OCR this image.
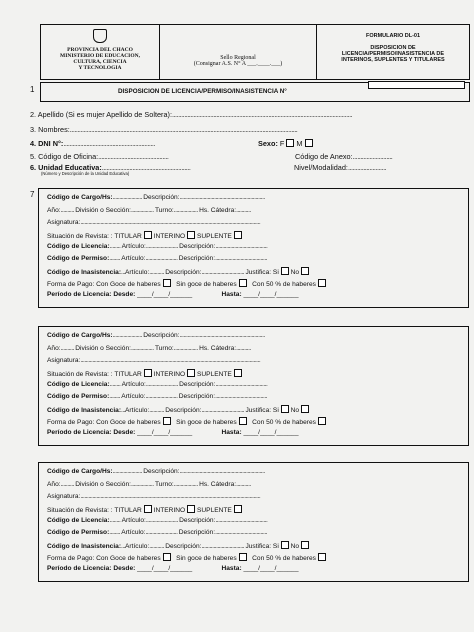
PROVINCIA DEL CHACO
MINISTERIO DE EDUCACION,
CULTURA, CIENCIA
Y TECNOLOGIA
Sello Regional
(Consignar A.S. N° A ___.____.___)
FORMULARIO DL-01
DISPOSICION DE
LICENCIA/PERMISO/INASISTENCIA DE
INTERINOS, SUPLENTES Y TITULARES
1	DISPOSICION DE LICENCIA/PERMISO/INASISTENCIA N°
2. Apellido (Si es mujer Apellido de Soltera):......................................................................................................................
3. Nombres:.....................................................................................................................................................
4. DNI N°:............................................................	Sexo: F M
5. Código de Oficina:..............................................	Código de Anexo:..........................
6. Unidad Educativa:..........................................................	Nivel/Modalidad:.........................
(Número y Descripción de la Unidad Educativa)
7 Código de Cargo/Hs:...................... Descripción:................................................................
Año:.......... División o Sección:................. Turno:.................. Hs. Cátedra:...........
Asignatura:.......................................................................................................................................
Situación de Revista: : TITULAR INTERINO SUPLENTE
Código de Licencia:........ Artículo:........................ Descripción:.......................................
Código de Permiso:........ Artículo:........................ Descripción:.......................................
Código de Inasistencia:...Artículo:........... Descripción:................................ Justifica: Si No
Forma de Pago: Con Goce de haberes Sin goce de haberes Con 50 % de haberes
Período de Licencia: Desde: ____/____/______	Hasta: ____/____/______
Código de Cargo/Hs:...................... Descripción:................................................................
Año:.......... División o Sección:................. Turno:.................. Hs. Cátedra:...........
Asignatura:.......................................................................................................................................
Situación de Revista: : TITULAR INTERINO SUPLENTE
Código de Licencia:........ Artículo:........................ Descripción:.......................................
Código de Permiso:........ Artículo:........................ Descripción:.......................................
Código de Inasistencia:...Artículo:........... Descripción:................................ Justifica: Si No
Forma de Pago: Con Goce de haberes Sin goce de haberes Con 50 % de haberes
Período de Licencia: Desde: ____/____/______	Hasta: ____/____/______
Código de Cargo/Hs:...................... Descripción:................................................................
Año:.......... División o Sección:................. Turno:.................. Hs. Cátedra:...........
Asignatura:.......................................................................................................................................
Situación de Revista: : TITULAR INTERINO SUPLENTE
Código de Licencia:........ Artículo:........................ Descripción:.......................................
Código de Permiso:........ Artículo:........................ Descripción:.......................................
Código de Inasistencia:...Artículo:........... Descripción:................................ Justifica: Si No
Forma de Pago: Con Goce de haberes Sin goce de haberes Con 50 % de haberes
Período de Licencia: Desde: ____/____/______	Hasta: ____/____/______
